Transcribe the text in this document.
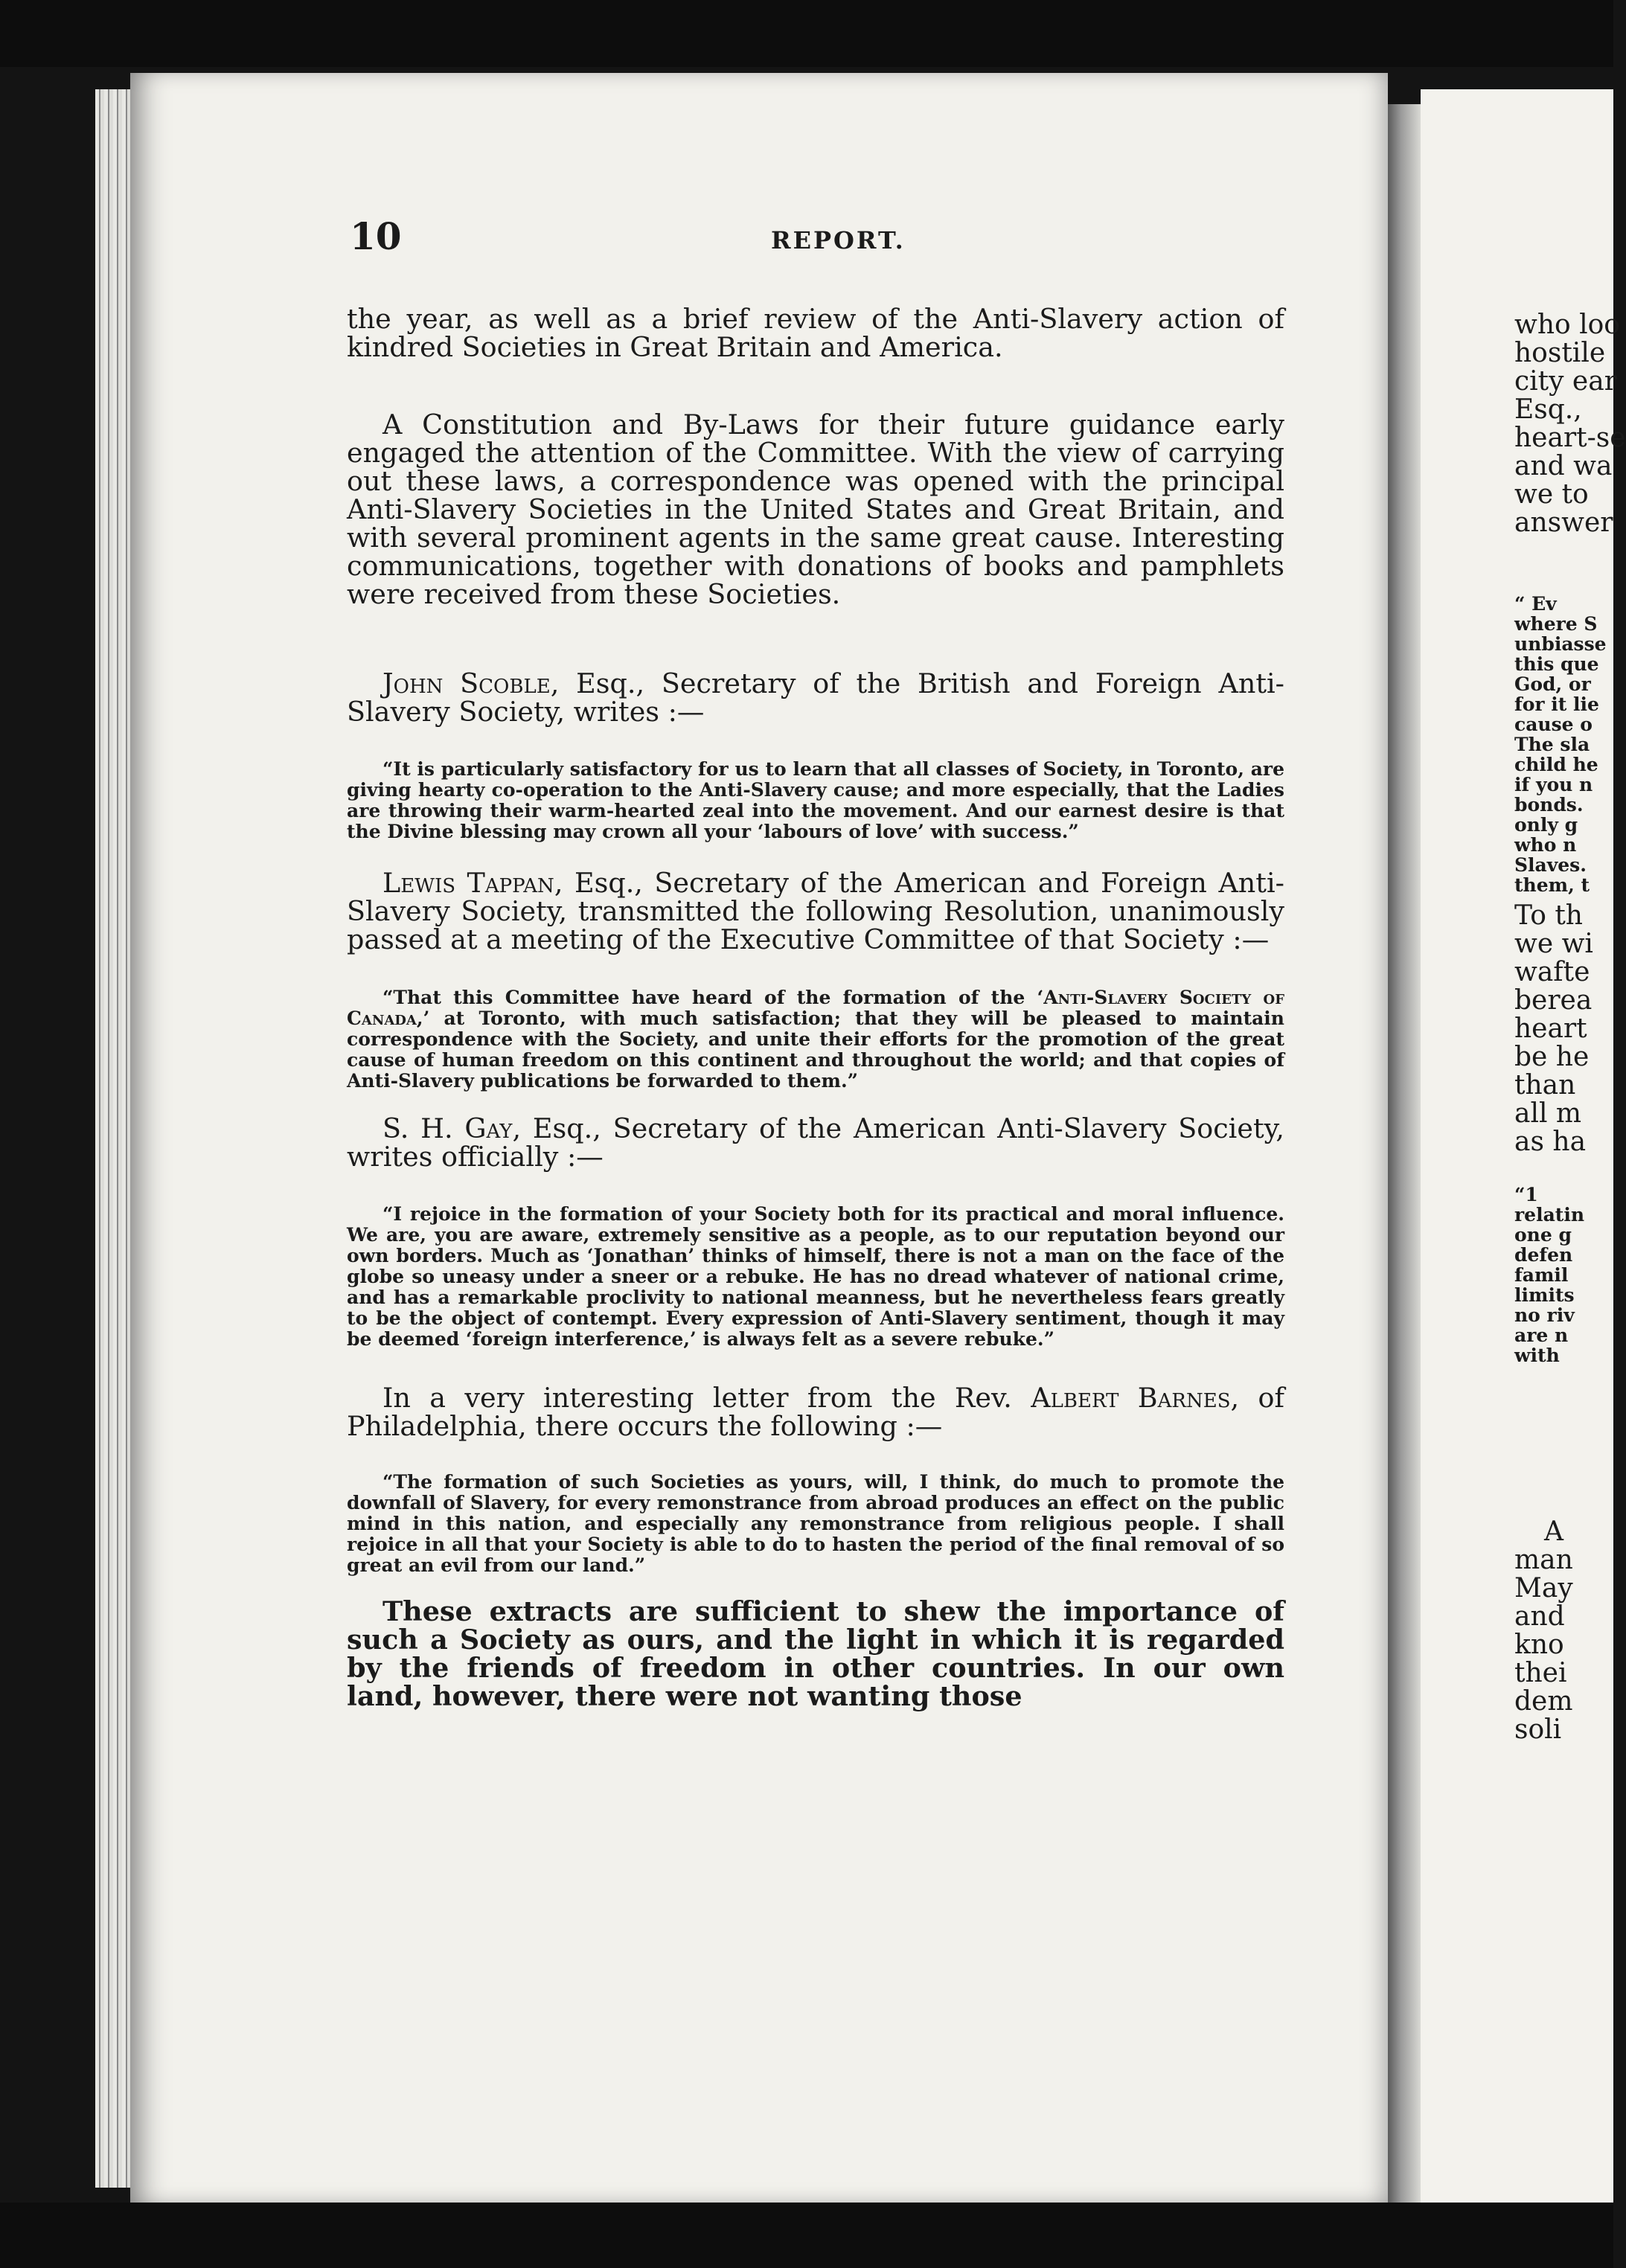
10	REPORT.

the year, as well as a brief review of the Anti-Slavery action of kindred Societies in Great Britain and America.

A Constitution and By-Laws for their future guidance early engaged the attention of the Committee. With the view of carrying out these laws, a correspondence was opened with the principal Anti-Slavery Societies in the United States and Great Britain, and with several prominent agents in the same great cause. Interesting communications, together with donations of books and pamphlets were received from these Societies.

John Scoble, Esq., Secretary of the British and Foreign Anti-Slavery Society, writes :—

“It is particularly satisfactory for us to learn that all classes of Society, in Toronto, are giving hearty co-operation to the Anti-Slavery cause; and more especially, that the Ladies are throwing their warm-hearted zeal into the movement. And our earnest desire is that the Divine blessing may crown all your ‘labours of love’ with success.”

Lewis Tappan, Esq., Secretary of the American and Foreign Anti-Slavery Society, transmitted the following Resolution, unanimously passed at a meeting of the Executive Committee of that Society :—

“That this Committee have heard of the formation of the ‘Anti-Slavery Society of Canada,’ at Toronto, with much satisfaction; that they will be pleased to maintain correspondence with the Society, and unite their efforts for the promotion of the great cause of human freedom on this continent and throughout the world; and that copies of Anti-Slavery publications be forwarded to them.”

S. H. Gay, Esq., Secretary of the American Anti-Slavery Society, writes officially :—

“I rejoice in the formation of your Society both for its practical and moral influence. We are, you are aware, extremely sensitive as a people, as to our reputation beyond our own borders. Much as ‘Jonathan’ thinks of himself, there is not a man on the face of the globe so uneasy under a sneer or a rebuke. He has no dread whatever of national crime, and has a remarkable proclivity to national meanness, but he nevertheless fears greatly to be the object of contempt. Every expression of Anti-Slavery sentiment, though it may be deemed ‘foreign interference,’ is always felt as a severe rebuke.”

In a very interesting letter from the Rev. Albert Barnes, of Philadelphia, there occurs the following :—

“The formation of such Societies as yours, will, I think, do much to promote the downfall of Slavery, for every remonstrance from abroad produces an effect on the public mind in this nation, and especially any remonstrance from religious people. I shall rejoice in all that your Society is able to do to hasten the period of the final removal of so great an evil from our land.”

These extracts are sufficient to shew the importance of such a Society as ours, and the light in which it is regarded by the friends of freedom in other countries. In our own land, however, there were not wanting those

who loo
hostile
city ear
Esq.,
heart-se
and wa
we to
answer
“ Ev
where S
unbiasse
this que
God, or
for it lie
cause o
The sla
child he
if you n
bonds.
only g
who n
Slaves.
them, t
To th
we wi
wafte
berea
heart
be he
than
all m
as ha
“1
relatin
one g
defen
famil
limits
no riv
are n
with
A
man
May
and
kno
thei
dem
soli
